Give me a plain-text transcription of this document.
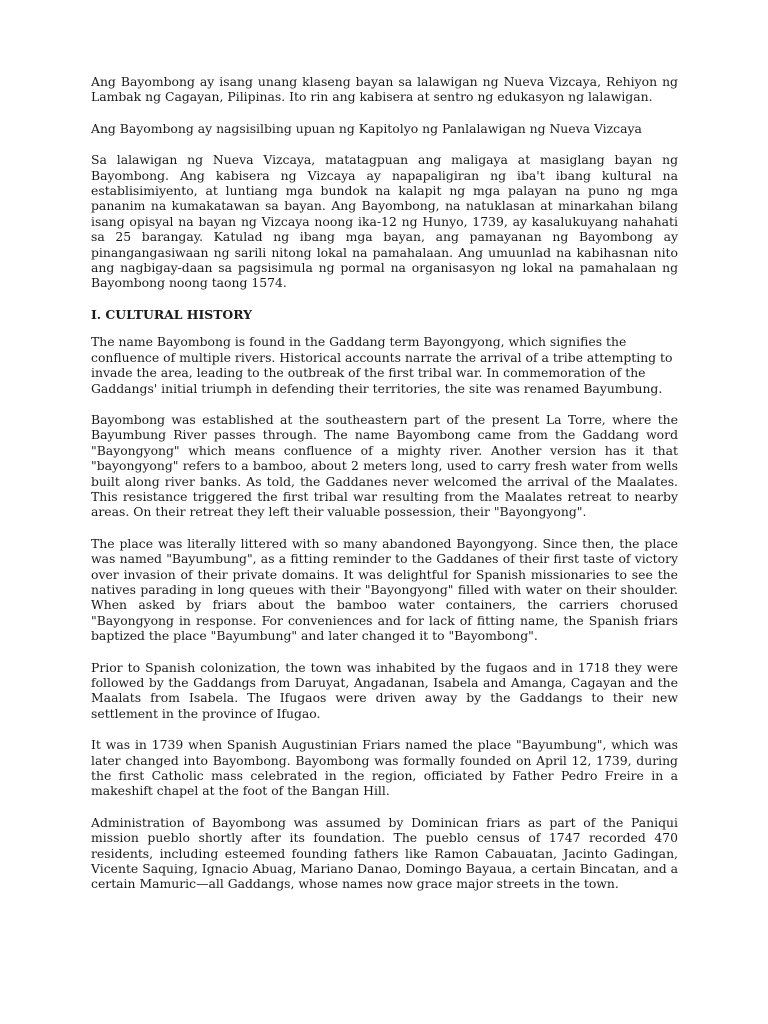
Ang Bayombong ay isang unang klaseng bayan sa lalawigan ng Nueva Vizcaya, Rehiyon ng Lambak ng Cagayan, Pilipinas. Ito rin ang kabisera at sentro ng edukasyon ng lalawigan.

Ang Bayombong ay nagsisilbing upuan ng Kapitolyo ng Panlalawigan ng Nueva Vizcaya

Sa lalawigan ng Nueva Vizcaya, matatagpuan ang maligaya at masiglang bayan ng Bayombong. Ang kabisera ng Vizcaya ay napapaligiran ng iba't ibang kultural na establisimiyento, at luntiang mga bundok na kalapit ng mga palayan na puno ng mga pananim na kumakatawan sa bayan. Ang Bayombong, na natuklasan at minarkahan bilang isang opisyal na bayan ng Vizcaya noong ika-12 ng Hunyo, 1739, ay kasalukuyang nahahati sa 25 barangay. Katulad ng ibang mga bayan, ang pamayanan ng Bayombong ay pinangangasiwaan ng sarili nitong lokal na pamahalaan. Ang umuunlad na kabihasnan nito ang nagbigay-daan sa pagsisimula ng pormal na organisasyon ng lokal na pamahalaan ng Bayombong noong taong 1574.

I. CULTURAL HISTORY

The name Bayombong is found in the Gaddang term Bayongyong, which signifies the confluence of multiple rivers. Historical accounts narrate the arrival of a tribe attempting to invade the area, leading to the outbreak of the first tribal war. In commemoration of the Gaddangs' initial triumph in defending their territories, the site was renamed Bayumbung.

Bayombong was established at the southeastern part of the present La Torre, where the Bayumbung River passes through. The name Bayombong came from the Gaddang word "Bayongyong" which means confluence of a mighty river. Another version has it that "bayongyong" refers to a bamboo, about 2 meters long, used to carry fresh water from wells built along river banks. As told, the Gaddanes never welcomed the arrival of the Maalates. This resistance triggered the first tribal war resulting from the Maalates retreat to nearby areas. On their retreat they left their valuable possession, their "Bayongyong".

The place was literally littered with so many abandoned Bayongyong. Since then, the place was named "Bayumbung", as a fitting reminder to the Gaddanes of their first taste of victory over invasion of their private domains. It was delightful for Spanish missionaries to see the natives parading in long queues with their "Bayongyong" filled with water on their shoulder. When asked by friars about the bamboo water containers, the carriers chorused "Bayongyong in response. For conveniences and for lack of fitting name, the Spanish friars baptized the place "Bayumbung" and later changed it to "Bayombong".

Prior to Spanish colonization, the town was inhabited by the fugaos and in 1718 they were followed by the Gaddangs from Daruyat, Angadanan, Isabela and Amanga, Cagayan and the Maalats from Isabela. The Ifugaos were driven away by the Gaddangs to their new settlement in the province of Ifugao.

It was in 1739 when Spanish Augustinian Friars named the place "Bayumbung", which was later changed into Bayombong. Bayombong was formally founded on April 12, 1739, during the first Catholic mass celebrated in the region, officiated by Father Pedro Freire in a makeshift chapel at the foot of the Bangan Hill.

Administration of Bayombong was assumed by Dominican friars as part of the Paniqui mission pueblo shortly after its foundation. The pueblo census of 1747 recorded 470 residents, including esteemed founding fathers like Ramon Cabauatan, Jacinto Gadingan, Vicente Saquing, Ignacio Abuag, Mariano Danao, Domingo Bayaua, a certain Bincatan, and a certain Mamuric—all Gaddangs, whose names now grace major streets in the town.
